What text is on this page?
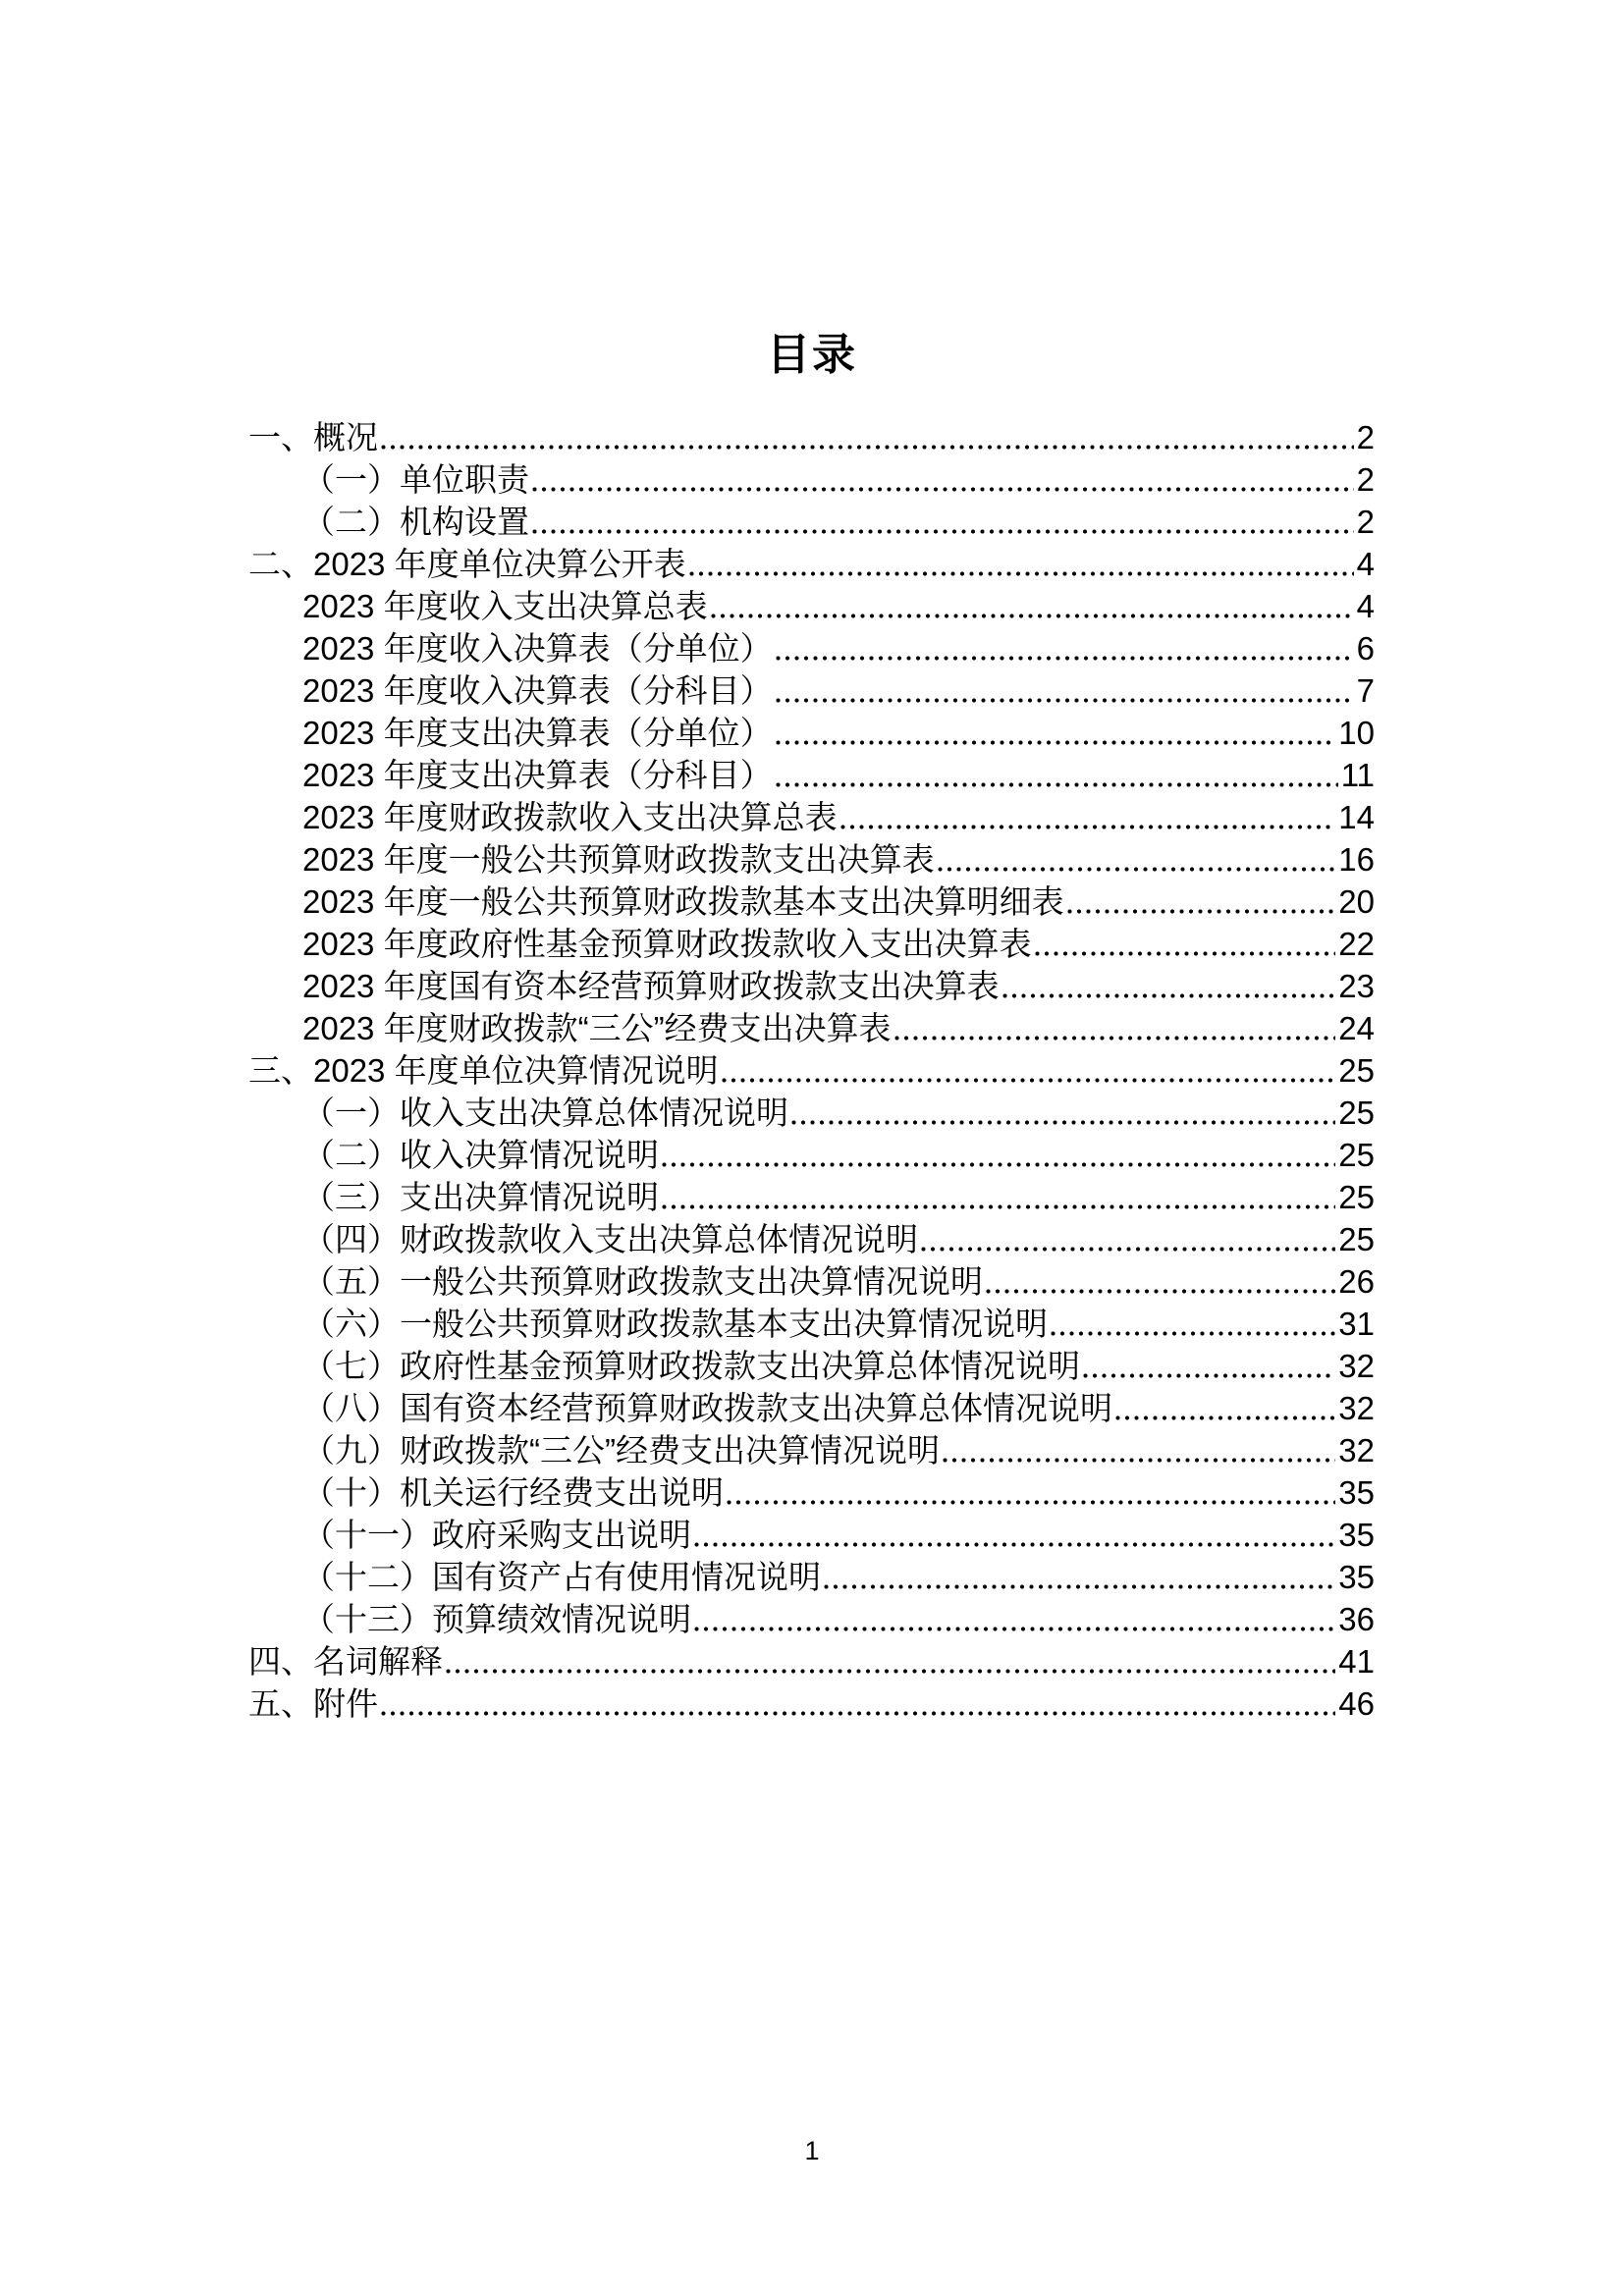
目录
一、概况	2
（一）单位职责	2
（二）机构设置	2
二、2023 年度单位决算公开表	4
2023 年度收入支出决算总表	4
2023 年度收入决算表（分单位）	6
2023 年度收入决算表（分科目）	7
2023 年度支出决算表（分单位）	10
2023 年度支出决算表（分科目）	11
2023 年度财政拨款收入支出决算总表	14
2023 年度一般公共预算财政拨款支出决算表	16
2023 年度一般公共预算财政拨款基本支出决算明细表	20
2023 年度政府性基金预算财政拨款收入支出决算表	22
2023 年度国有资本经营预算财政拨款支出决算表	23
2023 年度财政拨款“三公”经费支出决算表	24
三、2023 年度单位决算情况说明	25
（一）收入支出决算总体情况说明	25
（二）收入决算情况说明	25
（三）支出决算情况说明	25
（四）财政拨款收入支出决算总体情况说明	25
（五）一般公共预算财政拨款支出决算情况说明	26
（六）一般公共预算财政拨款基本支出决算情况说明	31
（七）政府性基金预算财政拨款支出决算总体情况说明	32
（八）国有资本经营预算财政拨款支出决算总体情况说明	32
（九）财政拨款“三公”经费支出决算情况说明	32
（十）机关运行经费支出说明	35
（十一）政府采购支出说明	35
（十二）国有资产占有使用情况说明	35
（十三）预算绩效情况说明	36
四、名词解释	41
五、附件	46
1
